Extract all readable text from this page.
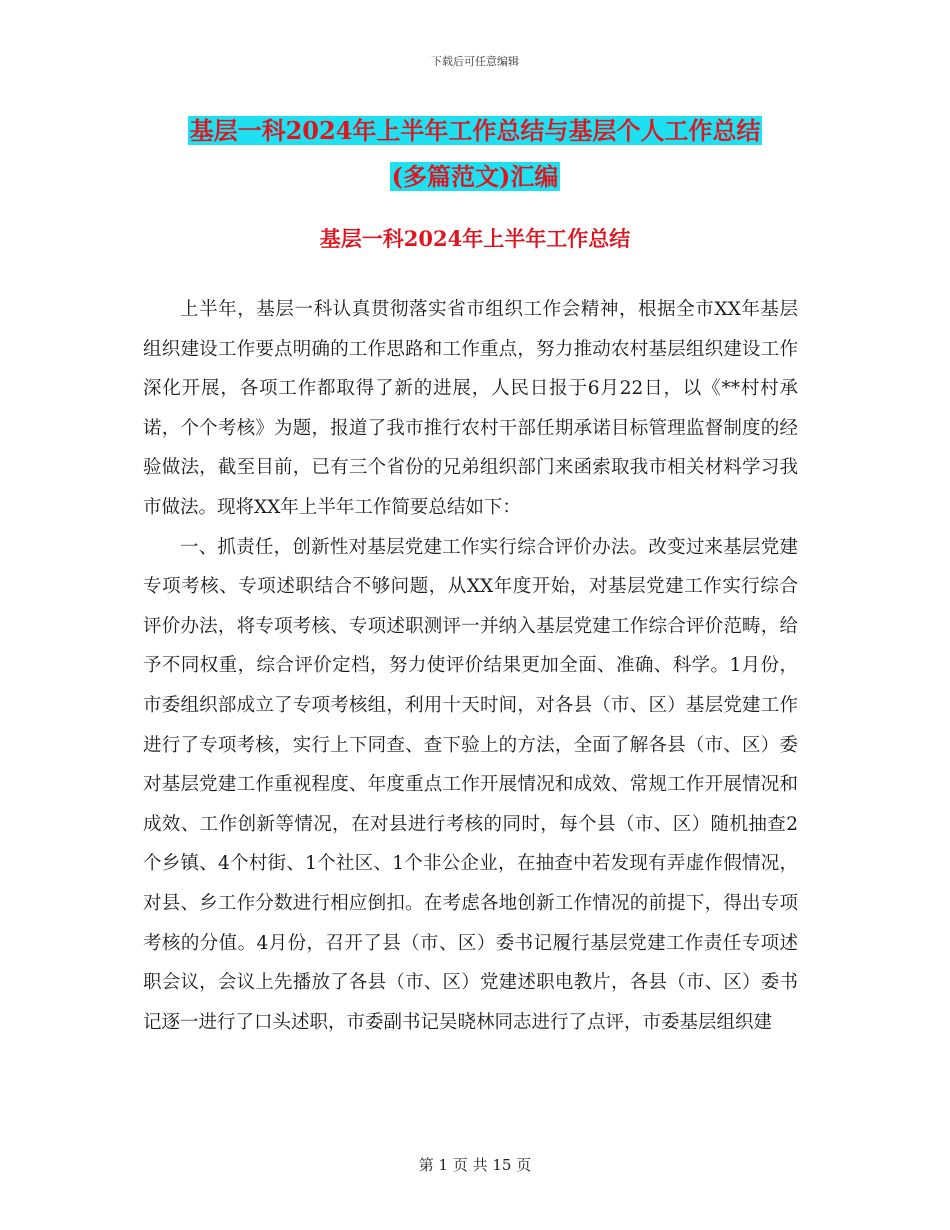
下载后可任意编辑
基层一科2024年上半年工作总结与基层个人工作总结
(多篇范文)汇编
基层一科2024年上半年工作总结

上半年，基层一科认真贯彻落实省市组织工作会精神，根据全市XX年基层组织建设工作要点明确的工作思路和工作重点，努力推动农村基层组织建设工作深化开展，各项工作都取得了新的进展，人民日报于6月22日，以《**村村承诺，个个考核》为题，报道了我市推行农村干部任期承诺目标管理监督制度的经验做法，截至目前，已有三个省份的兄弟组织部门来函索取我市相关材料学习我市做法。现将XX年上半年工作简要总结如下：

一、抓责任，创新性对基层党建工作实行综合评价办法。改变过来基层党建专项考核、专项述职结合不够问题，从XX年度开始，对基层党建工作实行综合评价办法，将专项考核、专项述职测评一并纳入基层党建工作综合评价范畴，给予不同权重，综合评价定档，努力使评价结果更加全面、准确、科学。1月份，市委组织部成立了专项考核组，利用十天时间，对各县（市、区）基层党建工作进行了专项考核，实行上下同查、查下验上的方法，全面了解各县（市、区）委对基层党建工作重视程度、年度重点工作开展情况和成效、常规工作开展情况和成效、工作创新等情况，在对县进行考核的同时，每个县（市、区）随机抽查2个乡镇、4个村街、1个社区、1个非公企业，在抽查中若发现有弄虚作假情况，对县、乡工作分数进行相应倒扣。在考虑各地创新工作情况的前提下，得出专项考核的分值。4月份，召开了县（市、区）委书记履行基层党建工作责任专项述职会议，会议上先播放了各县（市、区）党建述职电教片，各县（市、区）委书记逐一进行了口头述职，市委副书记吴晓林同志进行了点评，市委基层组织建

第 1 页 共 15 页
